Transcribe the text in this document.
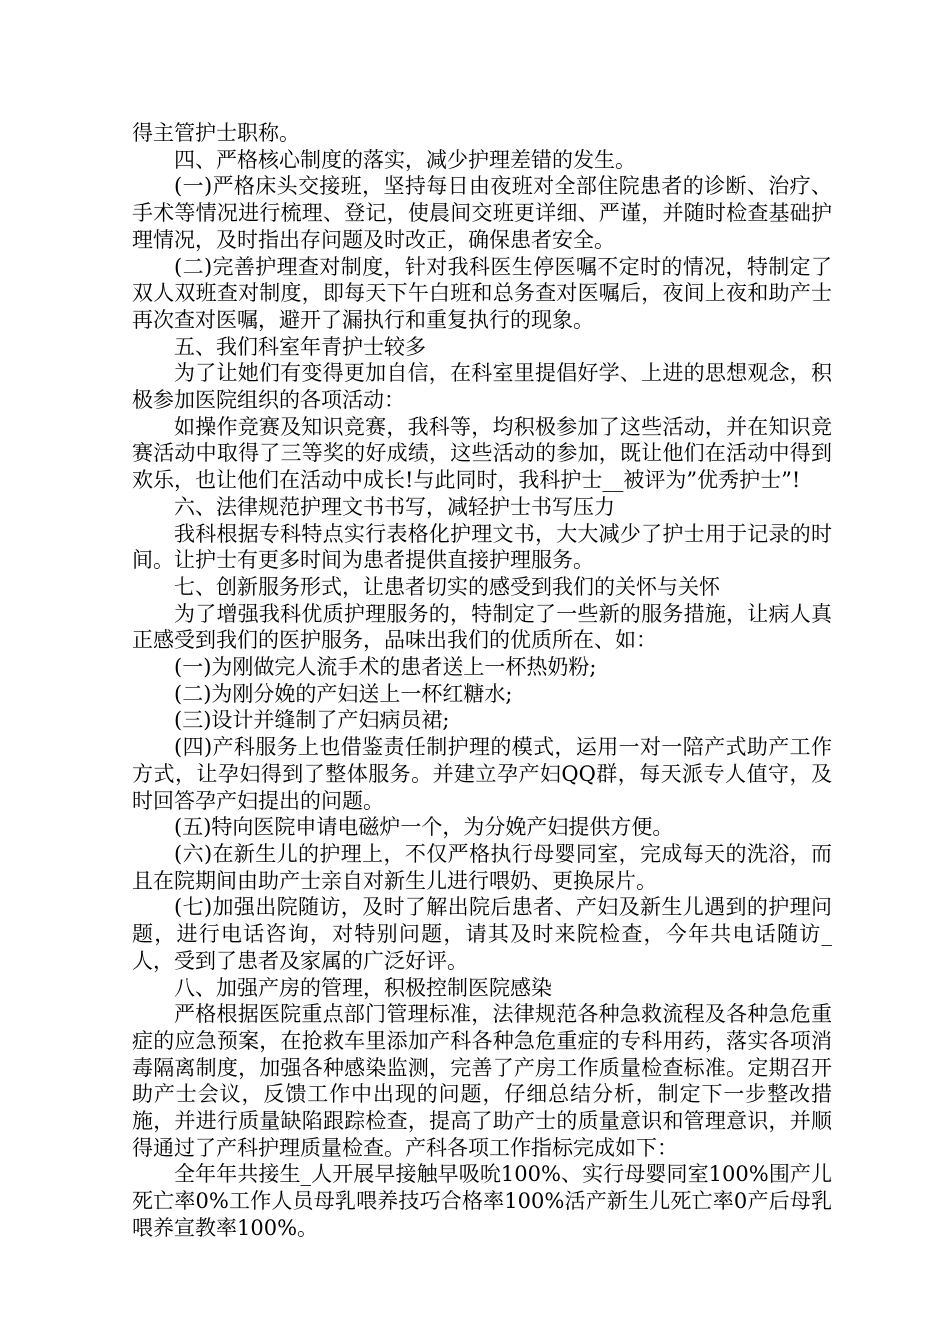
得主管护士职称。

四、严格核心制度的落实，减少护理差错的发生。

(一)严格床头交接班，坚持每日由夜班对全部住院患者的诊断、治疗、手术等情况进行梳理、登记，使晨间交班更详细、严谨，并随时检查基础护理情况，及时指出存问题及时改正，确保患者安全。

(二)完善护理查对制度，针对我科医生停医嘱不定时的情况，特制定了双人双班查对制度，即每天下午白班和总务查对医嘱后，夜间上夜和助产士再次查对医嘱，避开了漏执行和重复执行的现象。

五、我们科室年青护士较多

为了让她们有变得更加自信，在科室里提倡好学、上进的思想观念，积极参加医院组织的各项活动：

如操作竞赛及知识竞赛，我科等，均积极参加了这些活动，并在知识竞赛活动中取得了三等奖的好成绩，这些活动的参加，既让他们在活动中得到欢乐，也让他们在活动中成长!与此同时，我科护士__被评为”优秀护士”!

六、法律规范护理文书书写，减轻护士书写压力

我科根据专科特点实行表格化护理文书，大大减少了护士用于记录的时间。让护士有更多时间为患者提供直接护理服务。

七、创新服务形式，让患者切实的感受到我们的关怀与关怀

为了增强我科优质护理服务的，特制定了一些新的服务措施，让病人真正感受到我们的医护服务，品味出我们的优质所在、如：

(一)为刚做完人流手术的患者送上一杯热奶粉;

(二)为刚分娩的产妇送上一杯红糖水;

(三)设计并缝制了产妇病员裙;

(四)产科服务上也借鉴责任制护理的模式，运用一对一陪产式助产工作方式，让孕妇得到了整体服务。并建立孕产妇QQ群，每天派专人值守，及时回答孕产妇提出的问题。

(五)特向医院申请电磁炉一个，为分娩产妇提供方便。

(六)在新生儿的护理上，不仅严格执行母婴同室，完成每天的洗浴，而且在院期间由助产士亲自对新生儿进行喂奶、更换尿片。

(七)加强出院随访，及时了解出院后患者、产妇及新生儿遇到的护理问题，进行电话咨询，对特别问题，请其及时来院检查，今年共电话随访_人，受到了患者及家属的广泛好评。

八、加强产房的管理，积极控制医院感染

严格根据医院重点部门管理标准，法律规范各种急救流程及各种急危重症的应急预案，在抢救车里添加产科各种急危重症的专科用药，落实各项消毒隔离制度，加强各种感染监测，完善了产房工作质量检查标准。定期召开助产士会议，反馈工作中出现的问题，仔细总结分析，制定下一步整改措施，并进行质量缺陷跟踪检查，提高了助产士的质量意识和管理意识，并顺得通过了产科护理质量检查。产科各项工作指标完成如下：

全年年共接生_人开展早接触早吸吮100%、实行母婴同室100%围产儿死亡率0%工作人员母乳喂养技巧合格率100%活产新生儿死亡率0产后母乳喂养宣教率100%。
